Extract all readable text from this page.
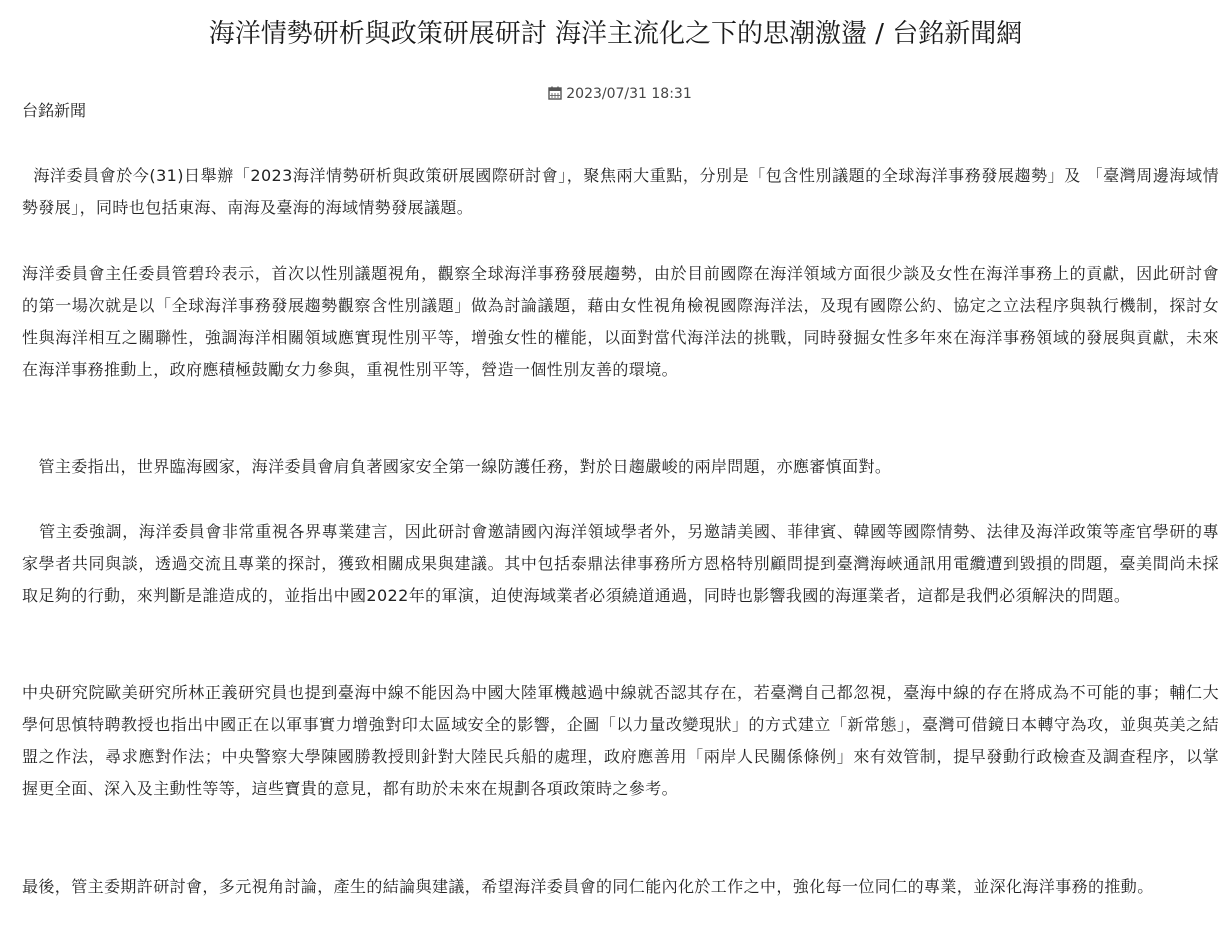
海洋情勢研析與政策研展研討 海洋主流化之下的思潮激盪 / 台銘新聞網
2023/07/31 18:31
台銘新聞

海洋委員會於今(31)日舉辦「2023海洋情勢研析與政策研展國際研討會」，聚焦兩大重點，分別是「包含性別議題的全球海洋事務發展趨勢」及 「臺灣周邊海域情勢發展」，同時也包括東海、南海及臺海的海域情勢發展議題。

海洋委員會主任委員管碧玲表示，首次以性別議題視角，觀察全球海洋事務發展趨勢，由於目前國際在海洋領域方面很少談及女性在海洋事務上的貢獻，因此研討會的第一場次就是以「全球海洋事務發展趨勢觀察含性別議題」做為討論議題，藉由女性視角檢視國際海洋法，及現有國際公約、協定之立法程序與執行機制，探討女性與海洋相互之關聯性，強調海洋相關領域應實現性別平等，增強女性的權能，以面對當代海洋法的挑戰，同時發掘女性多年來在海洋事務領域的發展與貢獻，未來在海洋事務推動上，政府應積極鼓勵女力參與，重視性別平等，營造一個性別友善的環境。

管主委指出，世界臨海國家，海洋委員會肩負著國家安全第一線防護任務，對於日趨嚴峻的兩岸問題，亦應審慎面對。

管主委強調，海洋委員會非常重視各界專業建言，因此研討會邀請國內海洋領域學者外，另邀請美國、菲律賓、韓國等國際情勢、法律及海洋政策等產官學研的專家學者共同與談，透過交流且專業的探討，獲致相關成果與建議。其中包括泰鼎法律事務所方恩格特別顧問提到臺灣海峽通訊用電纜遭到毀損的問題，臺美間尚未採取足夠的行動，來判斷是誰造成的，並指出中國2022年的軍演，迫使海域業者必須繞道通過，同時也影響我國的海運業者，這都是我們必須解決的問題。

中央研究院歐美研究所林正義研究員也提到臺海中線不能因為中國大陸軍機越過中線就否認其存在，若臺灣自己都忽視，臺海中線的存在將成為不可能的事；輔仁大學何思慎特聘教授也指出中國正在以軍事實力增強對印太區域安全的影響，企圖「以力量改變現狀」的方式建立「新常態」，臺灣可借鏡日本轉守為攻，並與英美之結盟之作法，尋求應對作法；中央警察大學陳國勝教授則針對大陸民兵船的處理，政府應善用「兩岸人民關係條例」來有效管制，提早發動行政檢查及調查程序，以掌握更全面、深入及主動性等等，這些寶貴的意見，都有助於未來在規劃各項政策時之參考。

最後，管主委期許研討會，多元視角討論，產生的結論與建議，希望海洋委員會的同仁能內化於工作之中，強化每一位同仁的專業，並深化海洋事務的推動。
